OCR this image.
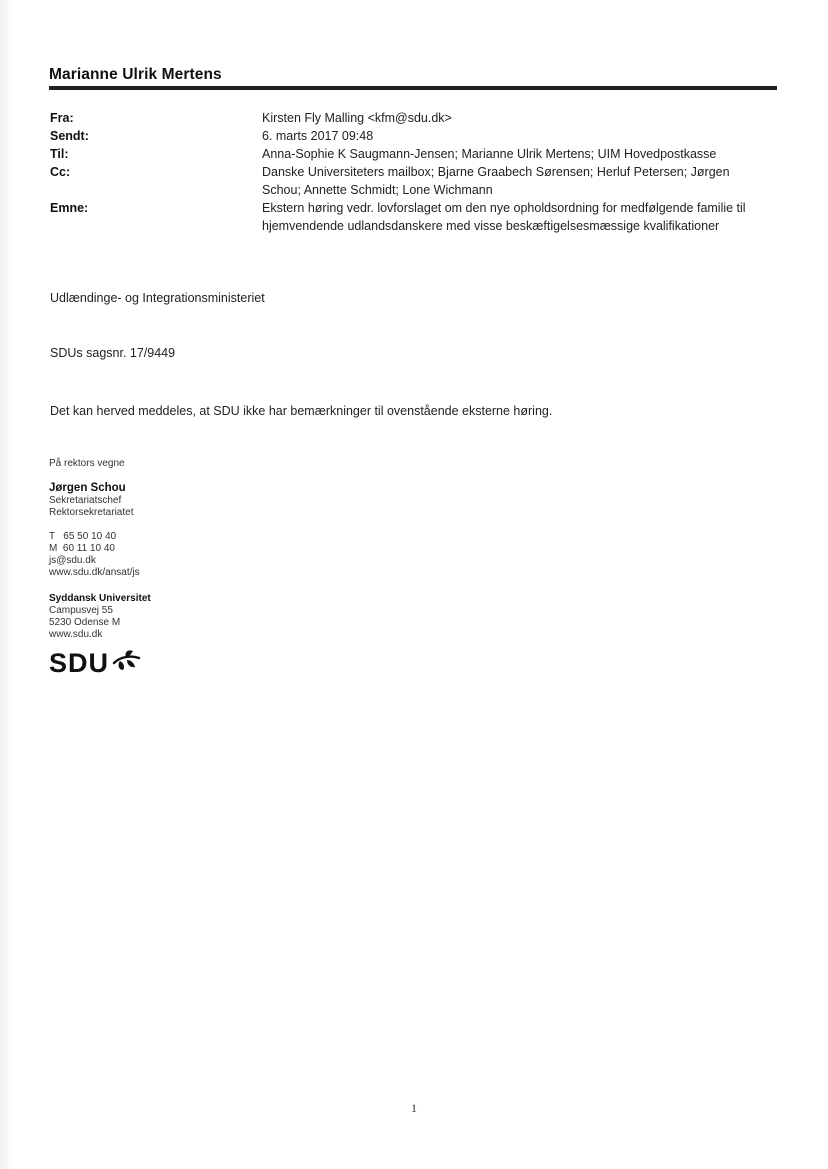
Marianne Ulrik Mertens
Fra:	Kirsten Fly Malling <kfm@sdu.dk>
Sendt:	6. marts 2017 09:48
Til:	Anna-Sophie K Saugmann-Jensen; Marianne Ulrik Mertens; UIM Hovedpostkasse
Cc:	Danske Universiteters mailbox; Bjarne Graabech Sørensen; Herluf Petersen; Jørgen Schou; Annette Schmidt; Lone Wichmann
Emne:	Ekstern høring vedr. lovforslaget om den nye opholdsordning for medfølgende familie til hjemvendende udlandsdanskere med visse beskæftigelsesmæssige kvalifikationer
Udlændinge- og Integrationsministeriet
SDUs sagsnr. 17/9449
Det kan herved meddeles, at SDU ikke har bemærkninger til ovenstående eksterne høring.
På rektors vegne
Jørgen Schou
Sekretariatschef
Rektorsekretariatet
T   65 50 10 40
M  60 11 10 40
js@sdu.dk
www.sdu.dk/ansat/js
Syddansk Universitet
Campusvej 55
5230 Odense M
www.sdu.dk
SDU
1
